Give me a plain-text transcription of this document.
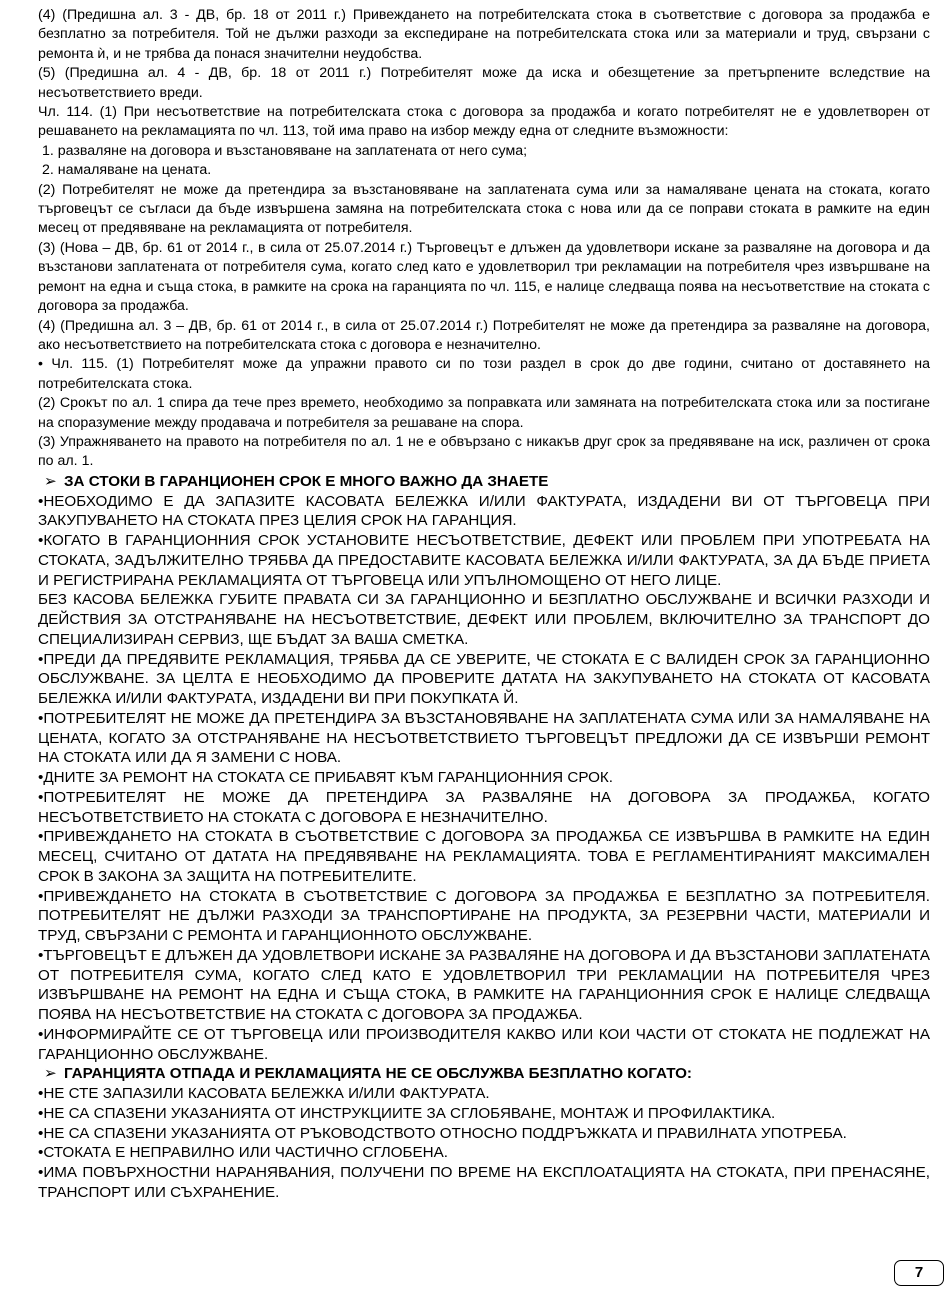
(4) (Предишна ал. 3 - ДВ, бр. 18 от 2011 г.) Привеждането на потребителската стока в съответствие с договора за продажба е безплатно за потребителя. Той не дължи разходи за експедиране на потребителската стока или за материали и труд, свързани с ремонта ѝ, и не трябва да понася значителни неудобства.

(5) (Предишна ал. 4 - ДВ, бр. 18 от 2011 г.) Потребителят може да иска и обезщетение за претърпените вследствие на несъответствието вреди.

Чл. 114. (1) При несъответствие на потребителската стока с договора за продажба и когато потребителят не е удовлетворен от решаването на рекламацията по чл. 113, той има право на избор между една от следните възможности:

1. разваляне на договора и възстановяване на заплатената от него сума;
2. намаляване на цената.

(2) Потребителят не може да претендира за възстановяване на заплатената сума или за намаляване цената на стоката, когато търговецът се съгласи да бъде извършена замяна на потребителската стока с нова или да се поправи стоката в рамките на един месец от предявяване на рекламацията от потребителя.

(3) (Нова – ДВ, бр. 61 от 2014 г., в сила от 25.07.2014 г.) Търговецът е длъжен да удовлетвори искане за разваляне на договора и да възстанови заплатената от потребителя сума, когато след като е удовлетворил три рекламации на потребителя чрез извършване на ремонт на една и съща стока, в рамките на срока на гаранцията по чл. 115, е налице следваща поява на несъответствие на стоката с договора за продажба.

(4) (Предишна ал. 3 – ДВ, бр. 61 от 2014 г., в сила от 25.07.2014 г.) Потребителят не може да претендира за разваляне на договора, ако несъответствието на потребителската стока с договора е незначително.

• Чл. 115. (1) Потребителят може да упражни правото си по този раздел в срок до две години, считано от доставянето на потребителската стока.

(2) Срокът по ал. 1 спира да тече през времето, необходимо за поправката или замяната на потребителската стока или за постигане на споразумение между продавача и потребителя за решаване на спора.

(3) Упражняването на правото на потребителя по ал. 1 не е обвързано с никакъв друг срок за предявяване на иск, различен от срока по ал. 1.

➢ ЗА СТОКИ В ГАРАНЦИОНЕН СРОК Е МНОГО ВАЖНО ДА ЗНАЕТЕ

•НЕОБХОДИМО Е ДА ЗАПАЗИТЕ КАСОВАТА БЕЛЕЖКА И/ИЛИ ФАКТУРАТА, ИЗДАДЕНИ ВИ ОТ ТЪРГОВЕЦА ПРИ ЗАКУПУВАНЕТО НА СТОКАТА ПРЕЗ ЦЕЛИЯ СРОК НА ГАРАНЦИЯ.

•КОГАТО В ГАРАНЦИОННИЯ СРОК УСТАНОВИТЕ НЕСЪОТВЕТСТВИЕ, ДЕФЕКТ ИЛИ ПРОБЛЕМ ПРИ УПОТРЕБАТА НА СТОКАТА, ЗАДЪЛЖИТЕЛНО ТРЯБВА ДА ПРЕДОСТАВИТЕ КАСОВАТА БЕЛЕЖКА И/ИЛИ ФАКТУРАТА, ЗА ДА БЪДЕ ПРИЕТА И РЕГИСТРИРАНА РЕКЛАМАЦИЯТА ОТ ТЪРГОВЕЦА ИЛИ УПЪЛНОМОЩЕНО ОТ НЕГО ЛИЦЕ.

БЕЗ КАСОВА БЕЛЕЖКА ГУБИТЕ ПРАВАТА СИ ЗА ГАРАНЦИОННО И БЕЗПЛАТНО ОБСЛУЖВАНЕ И ВСИЧКИ РАЗХОДИ И ДЕЙСТВИЯ ЗА ОТСТРАНЯВАНЕ НА НЕСЪОТВЕТСТВИЕ, ДЕФЕКТ ИЛИ ПРОБЛЕМ, ВКЛЮЧИТЕЛНО ЗА ТРАНСПОРТ ДО СПЕЦИАЛИЗИРАН СЕРВИЗ, ЩЕ БЪДАТ ЗА ВАША СМЕТКА.

•ПРЕДИ ДА ПРЕДЯВИТЕ РЕКЛАМАЦИЯ, ТРЯБВА ДА СЕ УВЕРИТЕ, ЧЕ СТОКАТА Е С ВАЛИДЕН СРОК ЗА ГАРАНЦИОННО ОБСЛУЖВАНЕ. ЗА ЦЕЛТА Е НЕОБХОДИМО ДА ПРОВЕРИТЕ ДАТАТА НА ЗАКУПУВАНЕТО НА СТОКАТА ОТ КАСОВАТА БЕЛЕЖКА И/ИЛИ ФАКТУРАТА, ИЗДАДЕНИ ВИ ПРИ ПОКУПКАТА Й.

•ПОТРЕБИТЕЛЯТ НЕ МОЖЕ ДА ПРЕТЕНДИРА ЗА ВЪЗСТАНОВЯВАНЕ НА ЗАПЛАТЕНАТА СУМА ИЛИ ЗА НАМАЛЯВАНЕ НА ЦЕНАТА, КОГАТО ЗА ОТСТРАНЯВАНЕ НА НЕСЪОТВЕТСТВИЕТО ТЪРГОВЕЦЪТ ПРЕДЛОЖИ ДА СЕ ИЗВЪРШИ РЕМОНТ НА СТОКАТА ИЛИ ДА Я ЗАМЕНИ С НОВА.

•ДНИТЕ ЗА РЕМОНТ НА СТОКАТА СЕ ПРИБАВЯТ КЪМ ГАРАНЦИОННИЯ СРОК.

•ПОТРЕБИТЕЛЯТ НЕ МОЖЕ ДА ПРЕТЕНДИРА ЗА РАЗВАЛЯНЕ НА ДОГОВОРА ЗА ПРОДАЖБА, КОГАТО НЕСЪОТВЕТСТВИЕТО НА СТОКАТА С ДОГОВОРА Е НЕЗНАЧИТЕЛНО.

•ПРИВЕЖДАНЕТО НА СТОКАТА В СЪОТВЕТСТВИЕ С ДОГОВОРА ЗА ПРОДАЖБА СЕ ИЗВЪРШВА В РАМКИТЕ НА ЕДИН МЕСЕЦ, СЧИТАНО ОТ ДАТАТА НА ПРЕДЯВЯВАНЕ НА РЕКЛАМАЦИЯТА. ТОВА Е РЕГЛАМЕНТИРАНИЯТ МАКСИМАЛЕН СРОК В ЗАКОНА ЗА ЗАЩИТА НА ПОТРЕБИТЕЛИТЕ.

•ПРИВЕЖДАНЕТО НА СТОКАТА В СЪОТВЕТСТВИЕ С ДОГОВОРА ЗА ПРОДАЖБА Е БЕЗПЛАТНО ЗА ПОТРЕБИТЕЛЯ. ПОТРЕБИТЕЛЯТ НЕ ДЪЛЖИ РАЗХОДИ ЗА ТРАНСПОРТИРАНЕ НА ПРОДУКТА, ЗА РЕЗЕРВНИ ЧАСТИ, МАТЕРИАЛИ И ТРУД, СВЪРЗАНИ С РЕМОНТА И ГАРАНЦИОННОТО ОБСЛУЖВАНЕ.

•ТЪРГОВЕЦЪТ Е ДЛЪЖЕН ДА УДОВЛЕТВОРИ ИСКАНЕ ЗА РАЗВАЛЯНЕ НА ДОГОВОРА И ДА ВЪЗСТАНОВИ ЗАПЛАТЕНАТА ОТ ПОТРЕБИТЕЛЯ СУМА, КОГАТО СЛЕД КАТО Е УДОВЛЕТВОРИЛ ТРИ РЕКЛАМАЦИИ НА ПОТРЕБИТЕЛЯ ЧРЕЗ ИЗВЪРШВАНЕ НА РЕМОНТ НА ЕДНА И СЪЩА СТОКА, В РАМКИТЕ НА ГАРАНЦИОННИЯ СРОК Е НАЛИЦЕ СЛЕДВАЩА ПОЯВА НА НЕСЪОТВЕТСТВИЕ НА СТОКАТА С ДОГОВОРА ЗА ПРОДАЖБА.

•ИНФОРМИРАЙТЕ СЕ ОТ ТЪРГОВЕЦА ИЛИ ПРОИЗВОДИТЕЛЯ КАКВО ИЛИ КОИ ЧАСТИ ОТ СТОКАТА НЕ ПОДЛЕЖАТ НА ГАРАНЦИОННО ОБСЛУЖВАНЕ.

➢ ГАРАНЦИЯТА ОТПАДА И РЕКЛАМАЦИЯТА НЕ СЕ ОБСЛУЖВА БЕЗПЛАТНО КОГАТО:

•НЕ СТЕ ЗАПАЗИЛИ КАСОВАТА БЕЛЕЖКА И/ИЛИ ФАКТУРАТА.

•НЕ СА СПАЗЕНИ УКАЗАНИЯТА ОТ ИНСТРУКЦИИТЕ ЗА СГЛОБЯВАНЕ, МОНТАЖ И ПРОФИЛАКТИКА.

•НЕ СА СПАЗЕНИ УКАЗАНИЯТА ОТ РЪКОВОДСТВОТО ОТНОСНО ПОДДРЪЖКАТА И ПРАВИЛНАТА УПОТРЕБА.

•СТОКАТА Е НЕПРАВИЛНО ИЛИ ЧАСТИЧНО СГЛОБЕНА.

•ИМА ПОВЪРХНОСТНИ НАРАНЯВАНИЯ, ПОЛУЧЕНИ ПО ВРЕМЕ НА ЕКСПЛОАТАЦИЯТА НА СТОКАТА, ПРИ ПРЕНАСЯНЕ, ТРАНСПОРТ ИЛИ СЪХРАНЕНИЕ.

7
